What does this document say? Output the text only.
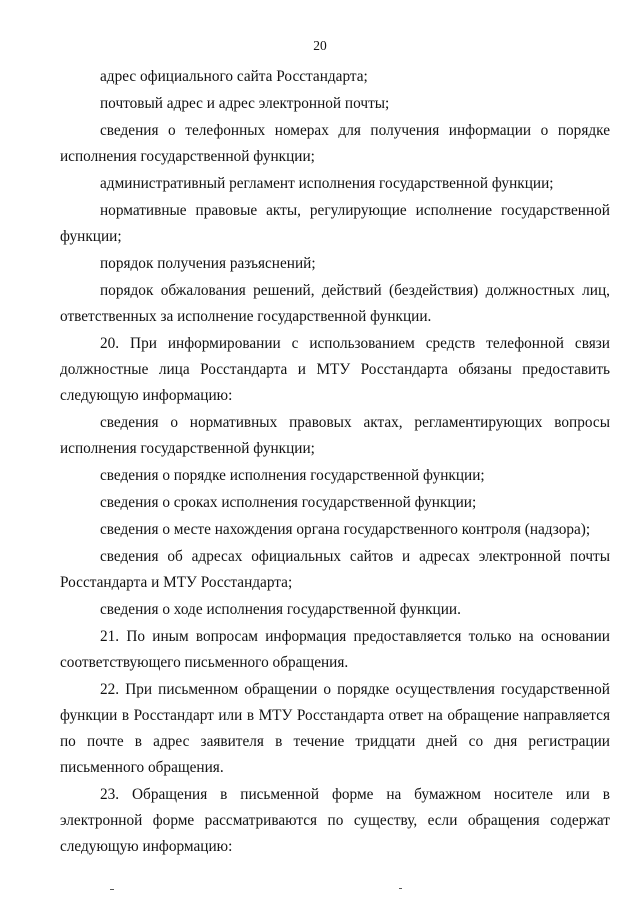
20

адрес официального сайта Росстандарта;

почтовый адрес и адрес электронной почты;

сведения о телефонных номерах для получения информации о порядке исполнения государственной функции;

административный регламент исполнения государственной функции;

нормативные правовые акты, регулирующие исполнение государственной функции;

порядок получения разъяснений;

порядок обжалования решений, действий (бездействия) должностных лиц, ответственных за исполнение государственной функции.

20. При информировании с использованием средств телефонной связи должностные лица Росстандарта и МТУ Росстандарта обязаны предоставить следующую информацию:

сведения о нормативных правовых актах, регламентирующих вопросы исполнения государственной функции;

сведения о порядке исполнения государственной функции;

сведения о сроках исполнения государственной функции;

сведения о месте нахождения органа государственного контроля (надзора);

сведения об адресах официальных сайтов и адресах электронной почты Росстандарта и МТУ Росстандарта;

сведения о ходе исполнения государственной функции.

21. По иным вопросам информация предоставляется только на основании соответствующего письменного обращения.

22. При письменном обращении о порядке осуществления государственной функции в Росстандарт или в МТУ Росстандарта ответ на обращение направляется по почте в адрес заявителя в течение тридцати дней со дня регистрации письменного обращения.

23. Обращения в письменной форме на бумажном носителе или в электронной форме рассматриваются по существу, если обращения содержат следующую информацию:
